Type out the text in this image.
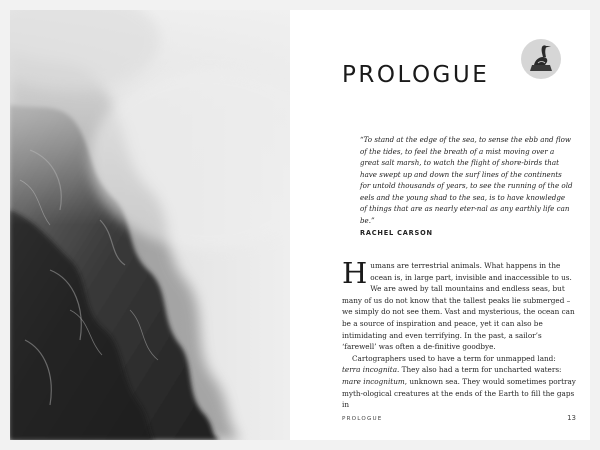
PROLOGUE
“To stand at the edge of the sea, to sense the ebb and flow of the tides, to feel the breath of a mist moving over a great salt marsh, to watch the flight of shore-birds that have swept up and down the surf lines of the continents for untold thousands of years, to see the running of the old eels and the young shad to the sea, is to have knowledge of things that are as nearly eter-nal as any earthly life can be.”
RACHEL CARSON

Humans are terrestrial animals. What happens in the ocean is, in large part, invisible and inaccessible to us. We are awed by tall mountains and endless seas, but many of us do not know that the tallest peaks lie submerged – we simply do not see them. Vast and mysterious, the ocean can be a source of inspiration and peace, yet it can also be intimidating and even terrifying. In the past, a sailor’s ‘farewell’ was often a de-finitive goodbye.

Cartographers used to have a term for unmapped land: terra incognita. They also had a term for uncharted waters: mare incognitum, unknown sea. They would sometimes portray myth-ological creatures at the ends of the Earth to fill the gaps in

PROLOGUE	13
